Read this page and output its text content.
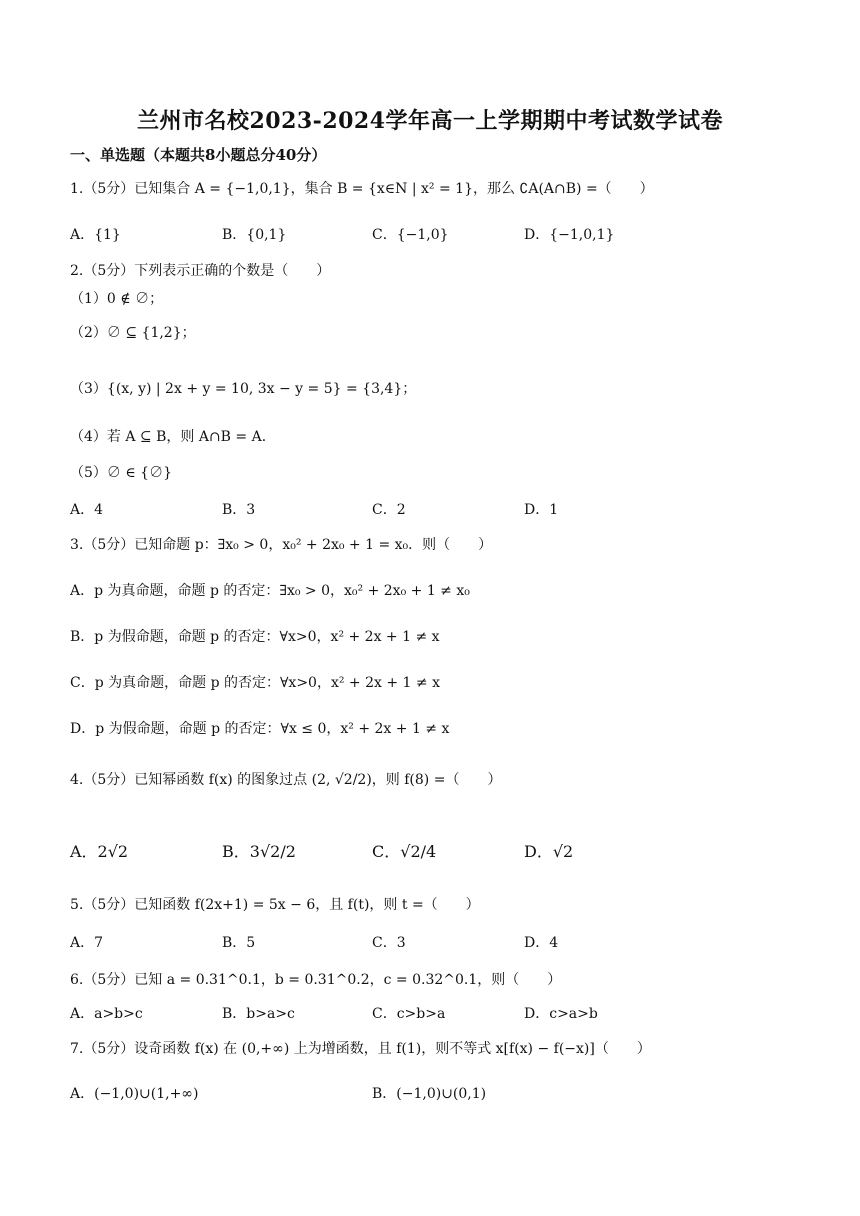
兰州市名校2023-2024学年高一上学期期中考试数学试卷
一、单选题（本题共8小题总分40分）
1.（5分）已知集合 A = {−1,0,1}，集合 B = {x∈N | x² = 1}，那么 ∁A(A∩B) =（　　）
A．{1}	B．{0,1}	C．{−1,0}	D．{−1,0,1}
2.（5分）下列表示正确的个数是（　　）
（1）0 ∉ ∅；
（2）∅ ⊆ {1,2}；
（3）{(x, y) | 2x + y = 10, 3x − y = 5} = {3,4}；
（4）若 A ⊆ B，则 A∩B = A．
（5）∅ ∈ {∅}
A．4	B．3	C．2	D．1
3.（5分）已知命题 p：∃x₀ > 0，x₀² + 2x₀ + 1 = x₀．则（　　）
A．p 为真命题，命题 p 的否定：∃x₀ > 0，x₀² + 2x₀ + 1 ≠ x₀
B．p 为假命题，命题 p 的否定：∀x>0，x² + 2x + 1 ≠ x
C．p 为真命题，命题 p 的否定：∀x>0，x² + 2x + 1 ≠ x
D．p 为假命题，命题 p 的否定：∀x ≤ 0，x² + 2x + 1 ≠ x
4.（5分）已知幂函数 f(x) 的图象过点 (2, √2/2)，则 f(8) =（　　）
A．2√2	B．3√2/2	C．√2/4	D．√2
5.（5分）已知函数 f(2x+1) = 5x − 6，且 f(t)，则 t =（　　）
A．7	B．5	C．3	D．4
6.（5分）已知 a = 0.31^0.1，b = 0.31^0.2，c = 0.32^0.1，则（　　）
A．a>b>c	B．b>a>c	C．c>b>a	D．c>a>b
7.（5分）设奇函数 f(x) 在 (0,+∞) 上为增函数，且 f(1)，则不等式 x[f(x) − f(−x)]（　　）
A．(−1,0)∪(1,+∞)	B．(−1,0)∪(0,1)
